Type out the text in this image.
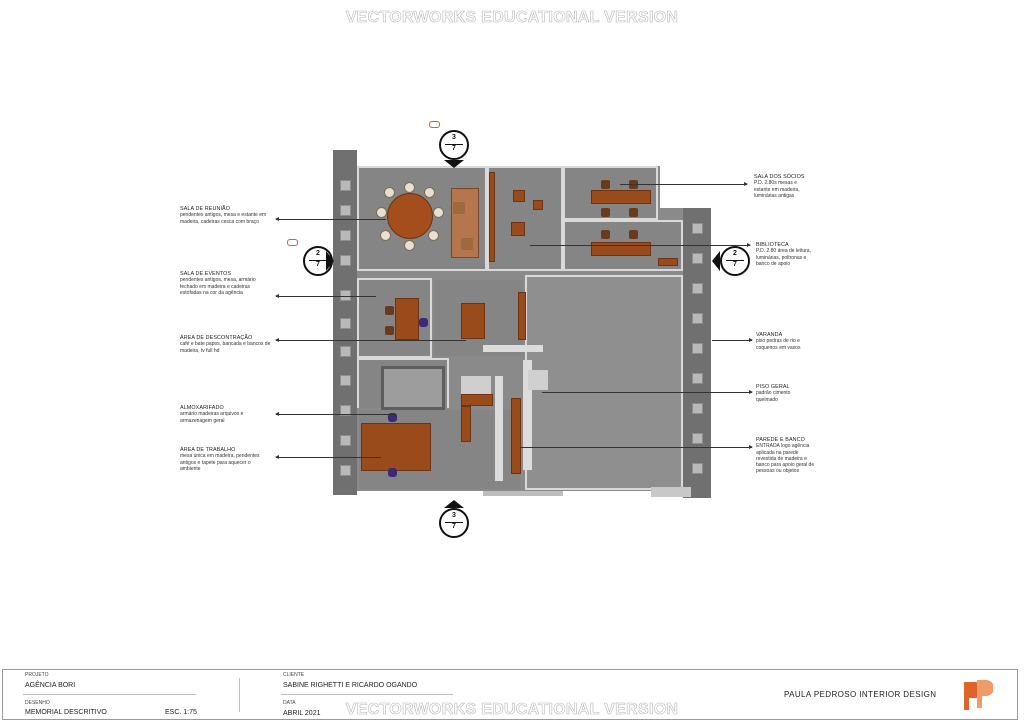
VECTORWORKS EDUCATIONAL VERSION
3
7
2
7
2
7
3
7
SALA DE REUNIÃO
pendentes antigos, mesa e estante em madeira, cadeiras cesca com braço
SALA DE EVENTOS
pendentes antigos, mesa, armário fechado em madeira e cadeiras estofadas na cor da agência
ÁREA DE DESCONTRAÇÃO
café e bate papos, bancada e bancos de madeira, tv full hd
ALMOXARIFADO
armário madeiras arquivos e armazenagem geral
ÁREA DE TRABALHO
mesa única em madeira, pendentes antigos e tapete para aquecer o ambiente
SALA DOS SÓCIOS
P.D. 2.80s mesas e estante em madeira, luminárias antigas
BIBLIOTECA
P.D. 2.80 área de leitura, luminárias, poltronas e banco de apoio
VARANDA
piso pedras de rio e coqueiros em vasos
PISO GERAL
padrão cimento queimado
PAREDE E BANCO
ENTRADA logo agência aplicada na parede revestida de madeira e banco para apoio geral de pessoas ou objetos
PROJETO
AGÊNCIA BORI
DESENHO
MEMORIAL DESCRITIVO	ESC. 1:75
CLIENTE
SABINE RIGHETTI E RICARDO OGANDO
DATA
ABRIL 2021
PAULA PEDROSO INTERIOR DESIGN
VECTORWORKS EDUCATIONAL VERSION
